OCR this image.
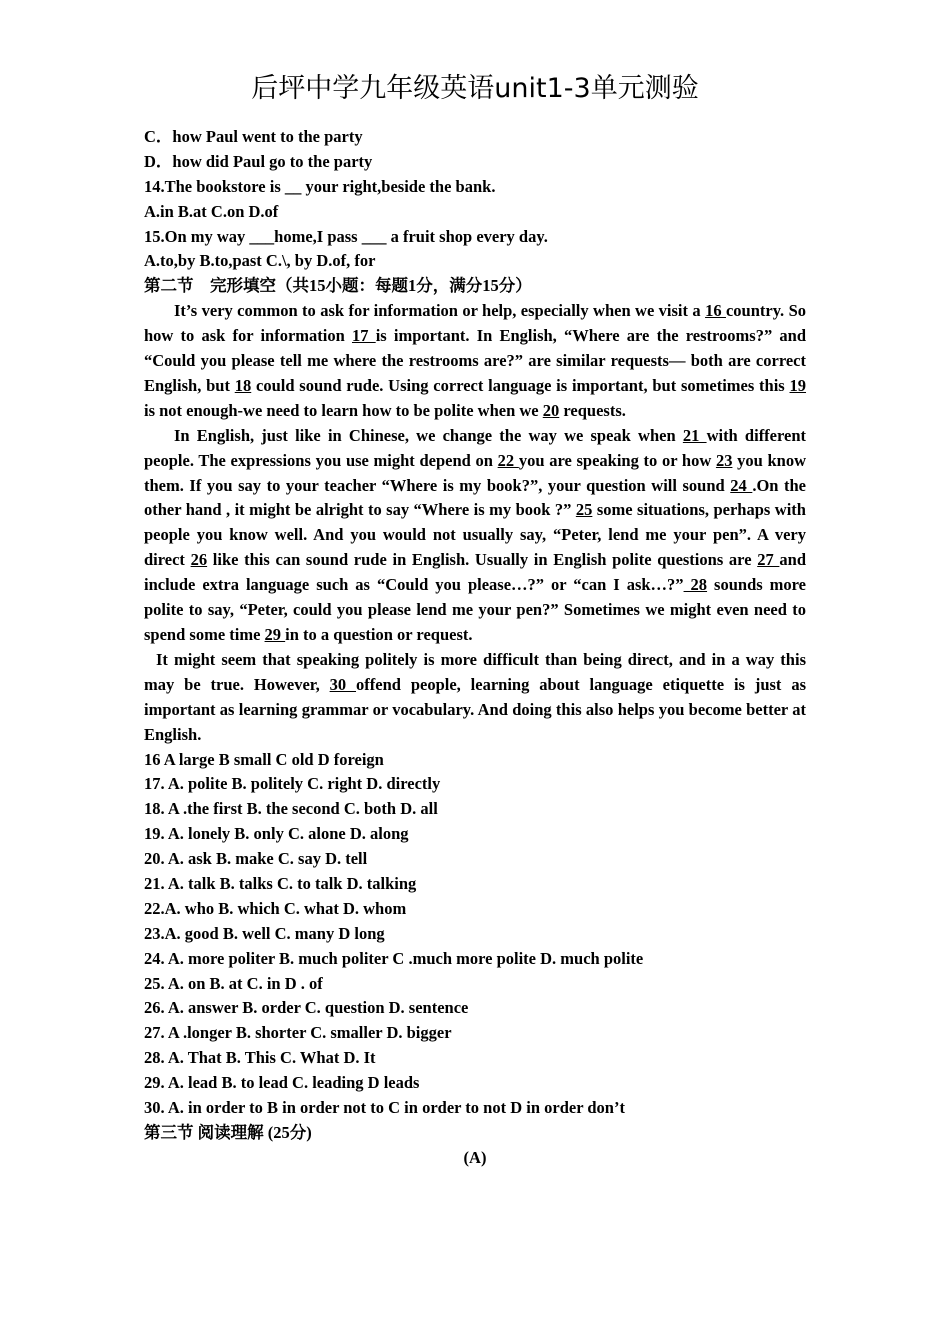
后坪中学九年级英语unit1-3单元测验
C．how Paul went to the party
D．how did Paul go to the party
14.The bookstore is __ your right,beside the bank.
A.in B.at C.on D.of
15.On my way ___home,I pass ___ a fruit shop every day.
A.to,by B.to,past C.\, by D.of, for
第二节　完形填空（共15小题：每题1分，满分15分）
It’s very common to ask for information or help, especially when we visit a 16 country. So how to ask for information 17 is important. In English, “Where are the restrooms?” and “Could you please tell me where the restrooms are?” are similar requests— both are correct English, but 18 could sound rude. Using correct language is important, but sometimes this 19 is not enough-we need to learn how to be polite when we 20 requests.
In English, just like in Chinese, we change the way we speak when 21 with different people. The expressions you use might depend on 22 you are speaking to or how 23 you know them. If you say to your teacher “Where is my book?”, your question will sound 24 .On the other hand , it might be alright to say “Where is my book ?” 25 some situations, perhaps with people you know well. And you would not usually say, “Peter, lend me your pen”. A very direct 26 like this can sound rude in English. Usually in English polite questions are 27 and include extra language such as “Could you please…?” or “can I ask…?” 28 sounds more polite to say, “Peter, could you please lend me your pen?” Sometimes we might even need to spend some time 29 in to a question or request.
It might seem that speaking politely is more difficult than being direct, and in a way this may be true. However, 30 offend people, learning about language etiquette is just as important as learning grammar or vocabulary. And doing this also helps you become better at English.
16 A large B small C old D foreign
17. A. polite B. politely C. right D. directly
18. A .the first B. the second C. both D. all
19. A. lonely B. only C. alone D. along
20. A. ask B. make C. say D. tell
21. A. talk B. talks C. to talk D. talking
22.A. who B. which C. what D. whom
23.A. good B. well C. many D long
24. A. more politer B. much politer C .much more polite D. much polite
25. A. on B. at C. in D . of
26. A. answer B. order C. question D. sentence
27. A .longer B. shorter C. smaller D. bigger
28. A. That B. This C. What D. It
29. A. lead B. to lead C. leading D leads
30. A. in order to B in order not to C in order to not D in order don’t
第三节 阅读理解 (25分)
(A)
